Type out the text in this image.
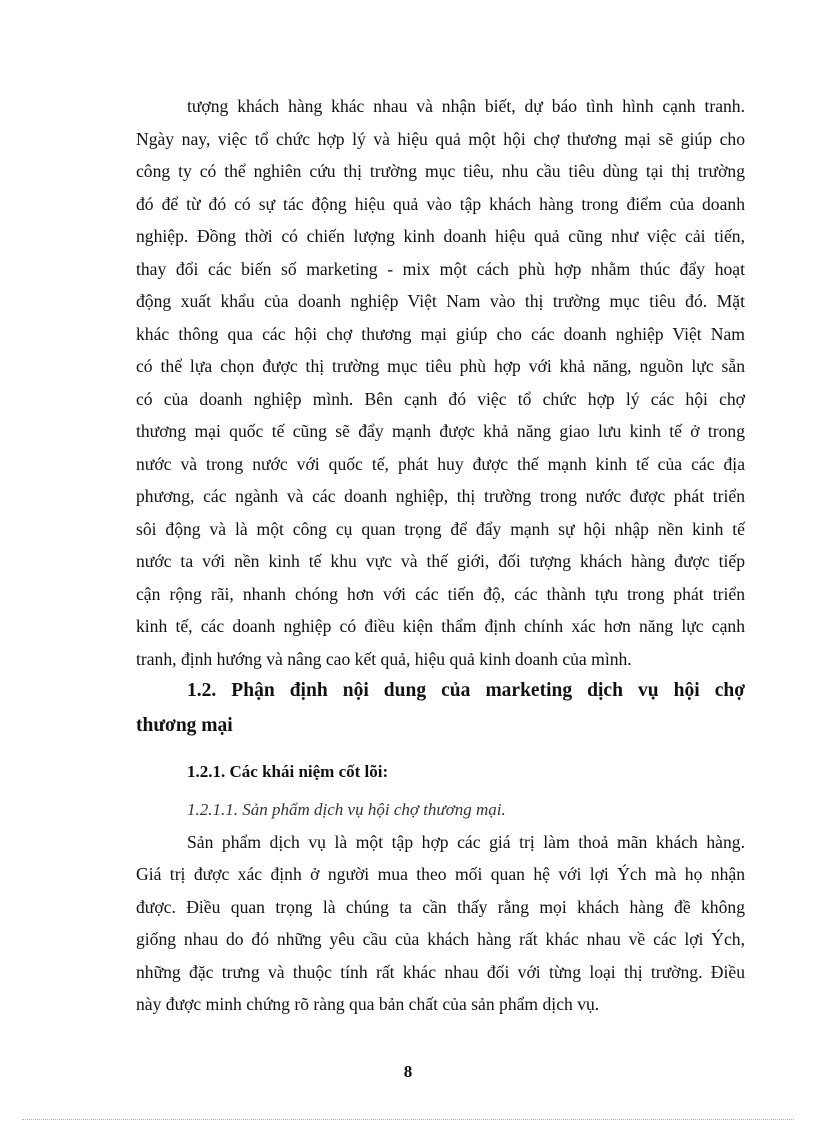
tượng khách hàng khác nhau và nhận biết, dự báo tình hình cạnh tranh.
Ngày nay, việc tổ chức hợp lý và hiệu quả một hội chợ thương mại sẽ giúp cho
công ty có thể nghiên cứu thị trường mục tiêu, nhu cầu tiêu dùng tại thị trường
đó để từ đó có sự tác động hiệu quả vào tập khách hàng trong điểm của doanh
nghiệp. Đồng thời có chiến lượng kinh doanh hiệu quả cũng như việc cải tiến,
thay đổi các biến số marketing - mix một cách phù hợp nhằm thúc đẩy hoạt
động xuất khẩu của doanh nghiệp Việt Nam vào thị trường mục tiêu đó. Mặt
khác thông qua các hội chợ thương mại giúp cho các doanh nghiệp Việt Nam
có thể lựa chọn được thị trường mục tiêu phù hợp với khả năng, nguồn lực sẵn
có của doanh nghiệp mình. Bên cạnh đó việc tổ chức hợp lý các hội chợ
thương mại quốc tế cũng sẽ đẩy mạnh được khả năng giao lưu kinh tế ở trong
nước và trong nước với quốc tế, phát huy được thế mạnh kinh tế của các địa
phương, các ngành và các doanh nghiệp, thị trường trong nước được phát triển
sôi động và là một công cụ quan trọng để đẩy mạnh sự hội nhập nền kinh tế
nước ta với nền kinh tế khu vực và thế giới, đối tượng khách hàng được tiếp
cận rộng rãi, nhanh chóng hơn với các tiến độ, các thành tựu trong phát triển
kinh tế, các doanh nghiệp có điều kiện thẩm định chính xác hơn năng lực cạnh
tranh, định hướng và nâng cao kết quả, hiệu quả kinh doanh của mình.
1.2. Phận định nội dung của marketing dịch vụ hội chợ
thương mại
1.2.1. Các khái niệm cốt lõi:
1.2.1.1. Sản phẩm dịch vụ hội chợ thương mại.
Sản phẩm dịch vụ là một tập hợp các giá trị làm thoả mãn khách hàng.
Giá trị được xác định ở người mua theo mối quan hệ với lợi Ých mà họ nhận
được. Điều quan trọng là chúng ta cần thấy rằng mọi khách hàng đề không
giống nhau do đó những yêu cầu của khách hàng rất khác nhau về các lợi Ých,
những đặc trưng và thuộc tính rất khác nhau đối với từng loại thị trường. Điều
này được minh chứng rõ ràng qua bản chất của sản phẩm dịch vụ.
8
